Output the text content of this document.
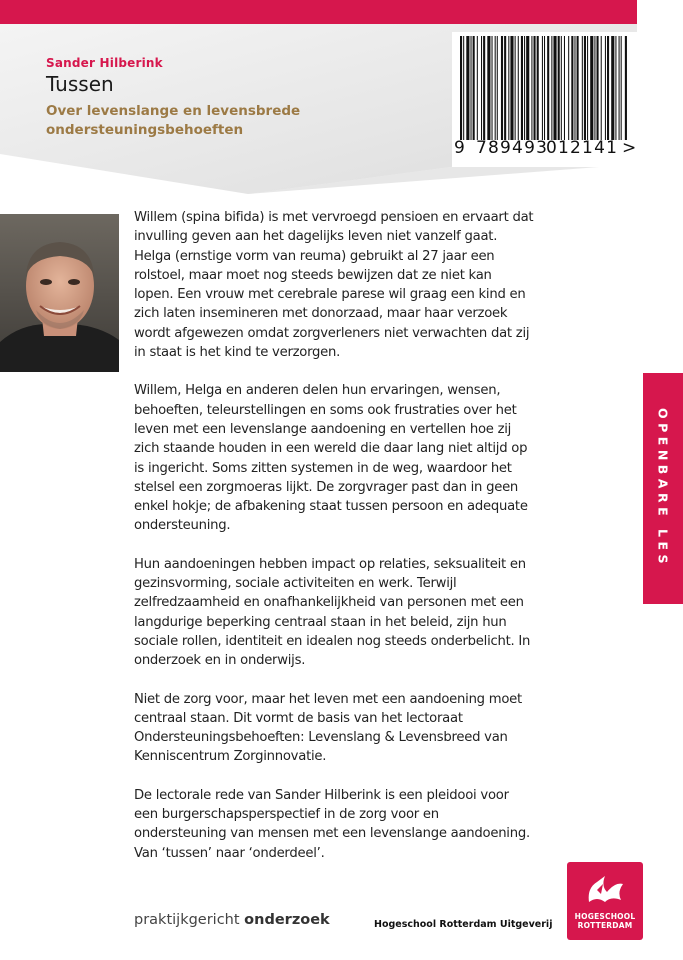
Sander Hilberink
Tussen
Over levenslange en levensbrede
ondersteuningsbehoeften
9 789493
012141 >

Willem (spina bifida) is met vervroegd pensioen en ervaart dat invulling geven aan het dagelijks leven niet vanzelf gaat. Helga (ernstige vorm van reuma) gebruikt al 27 jaar een rolstoel, maar moet nog steeds bewijzen dat ze niet kan lopen. Een vrouw met cerebrale parese wil graag een kind en zich laten insemineren met donorzaad, maar haar verzoek wordt afgewezen omdat zorgverleners niet verwachten dat zij in staat is het kind te verzorgen.

Willem, Helga en anderen delen hun ervaringen, wensen, behoeften, teleurstellingen en soms ook frustraties over het leven met een levenslange aandoening en vertellen hoe zij zich staande houden in een wereld die daar lang niet altijd op is ingericht. Soms zitten systemen in de weg, waardoor het stelsel een zorgmoeras lijkt. De zorgvrager past dan in geen enkel hokje; de afbakening staat tussen persoon en adequate ondersteuning.

Hun aandoeningen hebben impact op relaties, seksualiteit en gezinsvorming, sociale activiteiten en werk. Terwijl zelfredzaamheid en onafhankelijkheid van personen met een langdurige beperking centraal staan in het beleid, zijn hun sociale rollen, identiteit en idealen nog steeds onderbelicht. In onderzoek en in onderwijs.

Niet de zorg voor, maar het leven met een aandoening moet centraal staan. Dit vormt de basis van het lectoraat Ondersteuningsbehoeften: Levenslang & Levensbreed van Kenniscentrum Zorginnovatie.

De lectorale rede van Sander Hilberink is een pleidooi voor een burgerschapsperspectief in de zorg voor en ondersteuning van mensen met een levenslange aandoening. Van ‘tussen’ naar ‘onderdeel’.

OPENBARE LES
praktijkgericht onderzoek	Hogeschool Rotterdam Uitgeverij
HOGESCHOOL
ROTTERDAM
